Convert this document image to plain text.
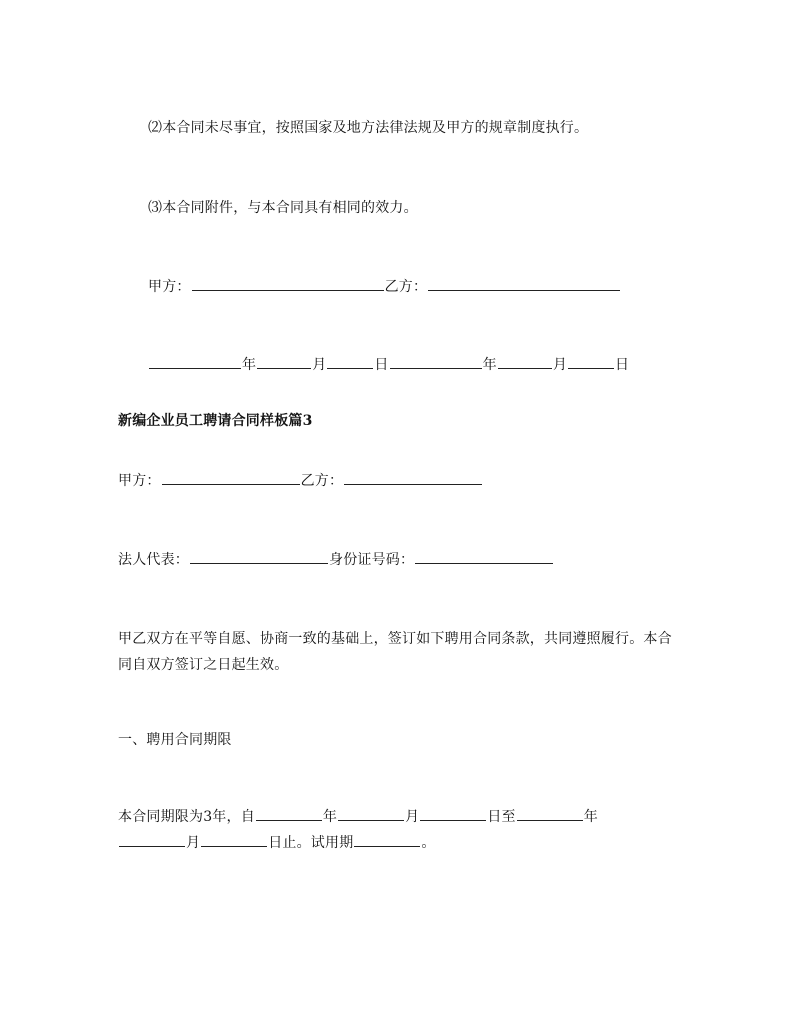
⑵本合同未尽事宜，按照国家及地方法律法规及甲方的规章制度执行。
⑶本合同附件，与本合同具有相同的效力。
甲方：	乙方：
年	月	日	年	月	日
新编企业员工聘请合同样板篇3
甲方：	乙方：
法人代表：	身份证号码：
甲乙双方在平等自愿、协商一致的基础上，签订如下聘用合同条款，共同遵照履行。本合同自双方签订之日起生效。
一、聘用合同期限
本合同期限为3年，自	年	月	日至	年
月	日止。试用期	。
